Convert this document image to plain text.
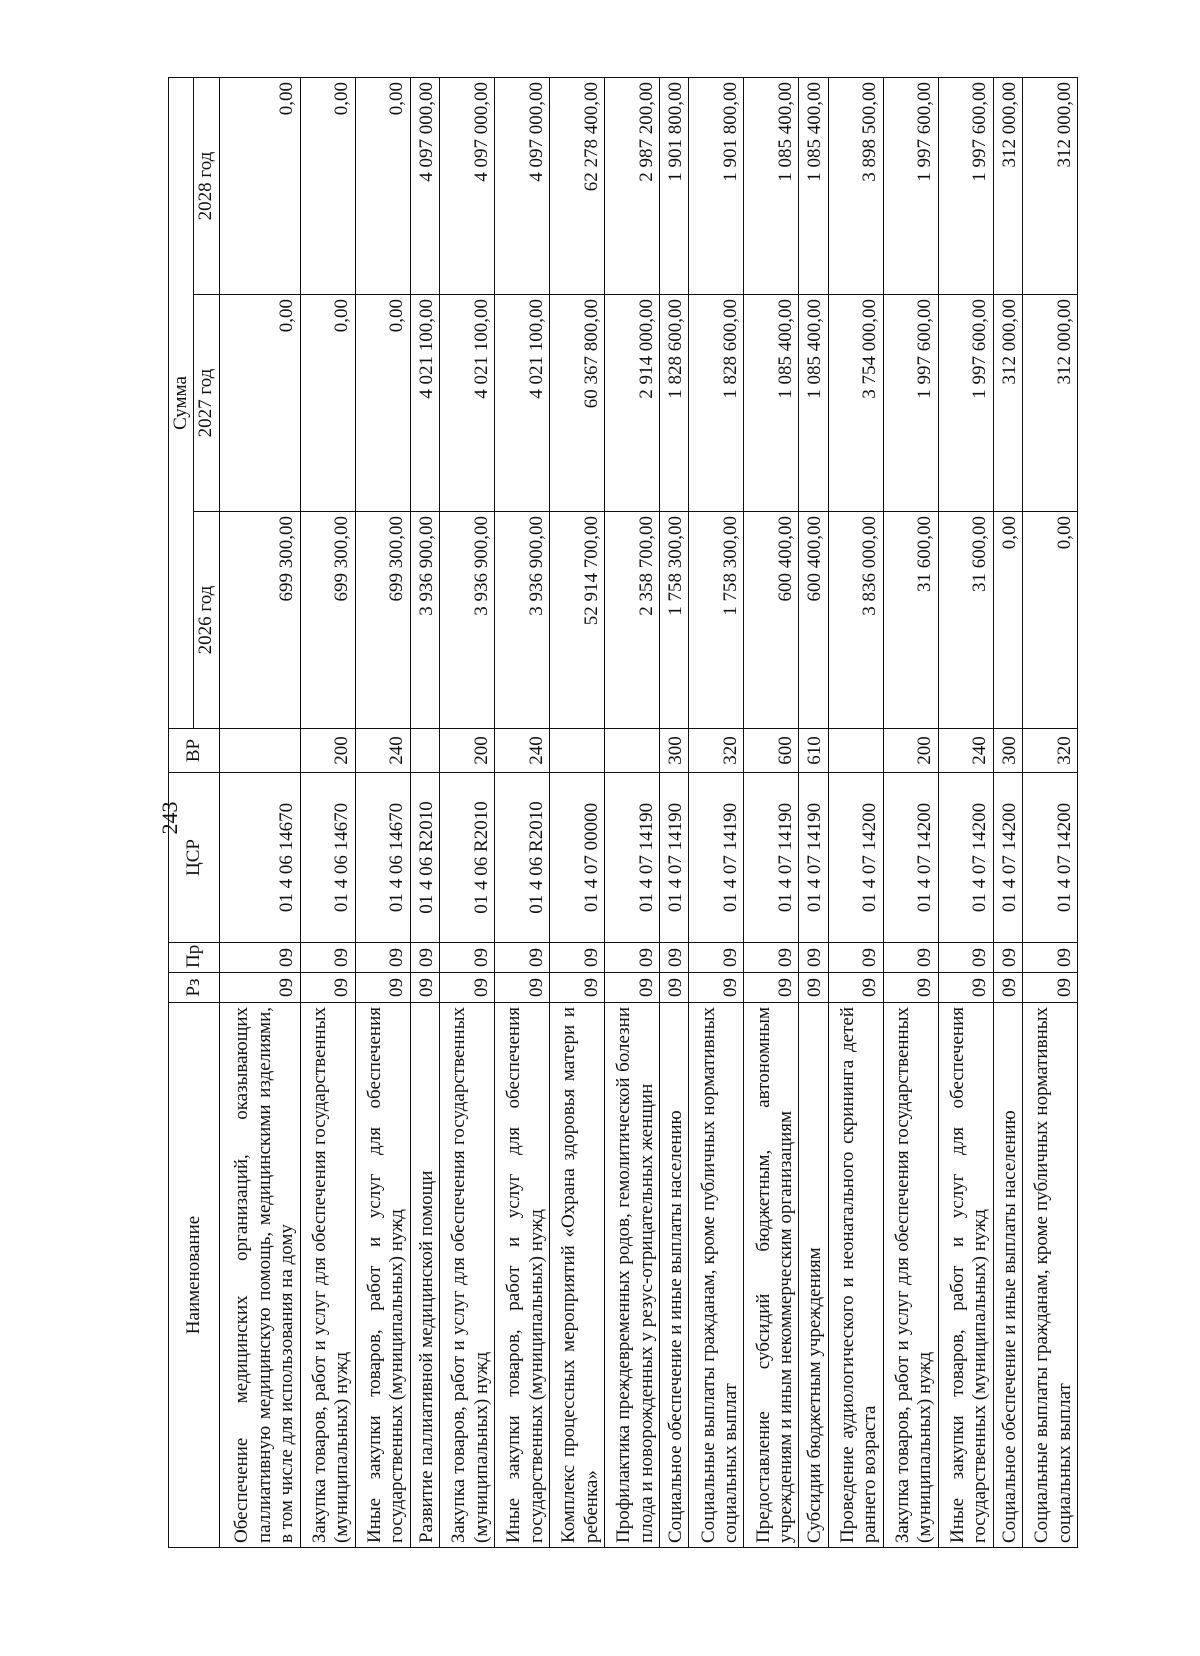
243
Наименование	Рз	Пр	ЦСР	ВР	Сумма		
					2026 год	2027 год	2028 год
Обеспечение медицинских организаций, оказывающих паллиативную медицинскую помощь, медицинскими изделиями, в том числе для использования на дому	09	09	01 4 06 14670		699 300,00	0,00	0,00
Закупка товаров, работ и услуг для обеспечения государственных (муниципальных) нужд	09	09	01 4 06 14670	200	699 300,00	0,00	0,00
Иные закупки товаров, работ и услуг для обеспечения государственных (муниципальных) нужд	09	09	01 4 06 14670	240	699 300,00	0,00	0,00
Развитие паллиативной медицинской помощи	09	09	01 4 06 R2010		3 936 900,00	4 021 100,00	4 097 000,00
Закупка товаров, работ и услуг для обеспечения государственных (муниципальных) нужд	09	09	01 4 06 R2010	200	3 936 900,00	4 021 100,00	4 097 000,00
Иные закупки товаров, работ и услуг для обеспечения государственных (муниципальных) нужд	09	09	01 4 06 R2010	240	3 936 900,00	4 021 100,00	4 097 000,00
Комплекс процессных мероприятий «Охрана здоровья матери и ребенка»	09	09	01 4 07 00000		52 914 700,00	60 367 800,00	62 278 400,00
Профилактика преждевременных родов, гемолитической болезни плода и новорожденных у резус-отрицательных женщин	09	09	01 4 07 14190		2 358 700,00	2 914 000,00	2 987 200,00
Социальное обеспечение и иные выплаты населению	09	09	01 4 07 14190	300	1 758 300,00	1 828 600,00	1 901 800,00
Социальные выплаты гражданам, кроме публичных нормативных социальных выплат	09	09	01 4 07 14190	320	1 758 300,00	1 828 600,00	1 901 800,00
Предоставление субсидий бюджетным, автономным учреждениям и иным некоммерческим организациям	09	09	01 4 07 14190	600	600 400,00	1 085 400,00	1 085 400,00
Субсидии бюджетным учреждениям	09	09	01 4 07 14190	610	600 400,00	1 085 400,00	1 085 400,00
Проведение аудиологического и неонатального скрининга детей раннего возраста	09	09	01 4 07 14200		3 836 000,00	3 754 000,00	3 898 500,00
Закупка товаров, работ и услуг для обеспечения государственных (муниципальных) нужд	09	09	01 4 07 14200	200	31 600,00	1 997 600,00	1 997 600,00
Иные закупки товаров, работ и услуг для обеспечения государственных (муниципальных) нужд	09	09	01 4 07 14200	240	31 600,00	1 997 600,00	1 997 600,00
Социальное обеспечение и иные выплаты населению	09	09	01 4 07 14200	300	0,00	312 000,00	312 000,00
Социальные выплаты гражданам, кроме публичных нормативных социальных выплат	09	09	01 4 07 14200	320	0,00	312 000,00	312 000,00
